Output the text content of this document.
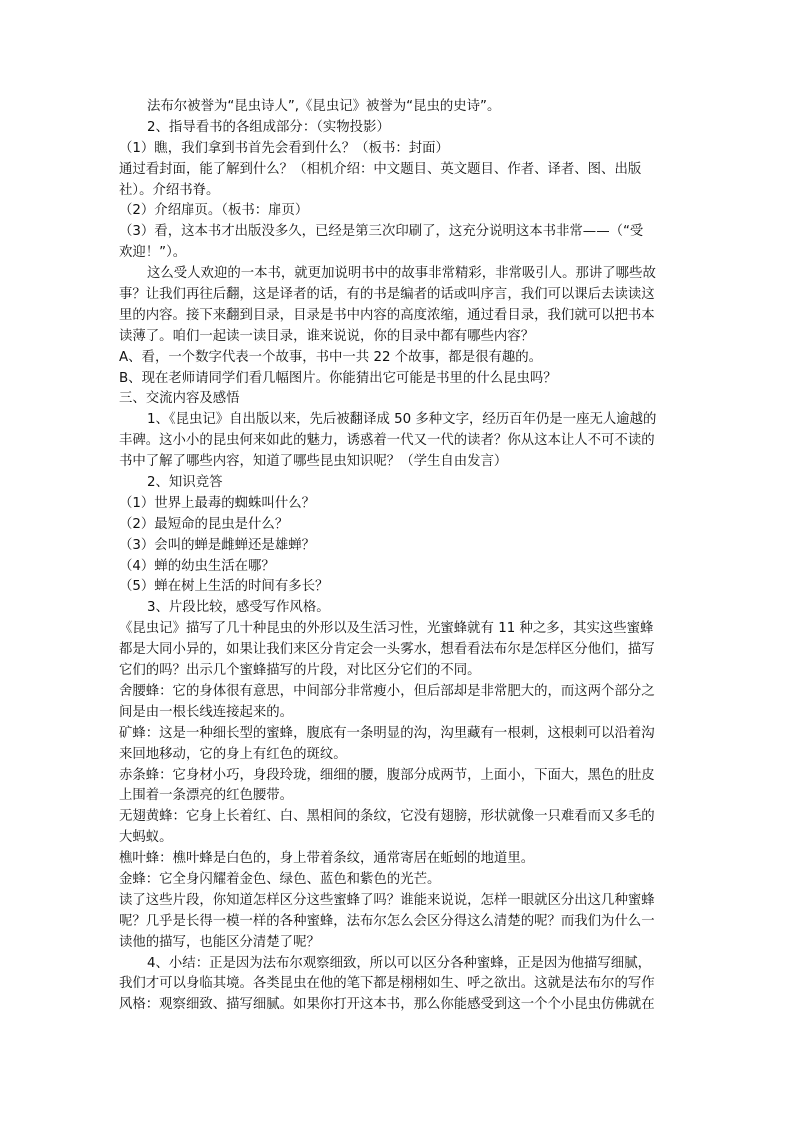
法布尔被誉为“昆虫诗人”,《昆虫记》被誉为“昆虫的史诗”。
2、指导看书的各组成部分：（实物投影）
（1）瞧，我们拿到书首先会看到什么？（板书：封面）
通过看封面，能了解到什么？（相机介绍：中文题目、英文题目、作者、译者、图、出版
社）。介绍书脊。
（2）介绍扉页。（板书：扉页）
（3）看，这本书才出版没多久，已经是第三次印刷了，这充分说明这本书非常——（“受
欢迎！”）。
这么受人欢迎的一本书，就更加说明书中的故事非常精彩，非常吸引人。那讲了哪些故
事？让我们再往后翻，这是译者的话，有的书是编者的话或叫序言，我们可以课后去读读这
里的内容。接下来翻到目录，目录是书中内容的高度浓缩，通过看目录，我们就可以把书本
读薄了。咱们一起读一读目录，谁来说说，你的目录中都有哪些内容？
A、看，一个数字代表一个故事，书中一共 22 个故事，都是很有趣的。
B、现在老师请同学们看几幅图片。你能猜出它可能是书里的什么昆虫吗？
三、交流内容及感悟
1、《昆虫记》自出版以来，先后被翻译成 50 多种文字，经历百年仍是一座无人逾越的
丰碑。这小小的昆虫何来如此的魅力，诱惑着一代又一代的读者？你从这本让人不可不读的
书中了解了哪些内容，知道了哪些昆虫知识呢？（学生自由发言）
2、知识竞答
（1）世界上最毒的蜘蛛叫什么？
（2）最短命的昆虫是什么？
（3）会叫的蝉是雌蝉还是雄蝉？
（4）蝉的幼虫生活在哪？
（5）蝉在树上生活的时间有多长？
3、片段比较，感受写作风格。
《昆虫记》描写了几十种昆虫的外形以及生活习性，光蜜蜂就有 11 种之多，其实这些蜜蜂
都是大同小异的，如果让我们来区分肯定会一头雾水，想看看法布尔是怎样区分他们，描写
它们的吗？出示几个蜜蜂描写的片段，对比区分它们的不同。
舍腰蜂：它的身体很有意思，中间部分非常瘦小，但后部却是非常肥大的，而这两个部分之
间是由一根长线连接起来的。
矿蜂：这是一种细长型的蜜蜂，腹底有一条明显的沟，沟里藏有一根刺，这根刺可以沿着沟
来回地移动，它的身上有红色的斑纹。
赤条蜂：它身材小巧，身段玲珑，细细的腰，腹部分成两节，上面小，下面大，黑色的肚皮
上围着一条漂亮的红色腰带。
无翅黄蜂：它身上长着红、白、黑相间的条纹，它没有翅膀，形状就像一只难看而又多毛的
大蚂蚁。
樵叶蜂：樵叶蜂是白色的，身上带着条纹，通常寄居在蚯蚓的地道里。
金蜂：它全身闪耀着金色、绿色、蓝色和紫色的光芒。
读了这些片段，你知道怎样区分这些蜜蜂了吗？谁能来说说，怎样一眼就区分出这几种蜜蜂
呢？几乎是长得一模一样的各种蜜蜂，法布尔怎么会区分得这么清楚的呢？而我们为什么一
读他的描写，也能区分清楚了呢？
4、小结：正是因为法布尔观察细致，所以可以区分各种蜜蜂，正是因为他描写细腻，
我们才可以身临其境。各类昆虫在他的笔下都是栩栩如生、呼之欲出。这就是法布尔的写作
风格：观察细致、描写细腻。如果你打开这本书，那么你能感受到这一个个小昆虫仿佛就在
